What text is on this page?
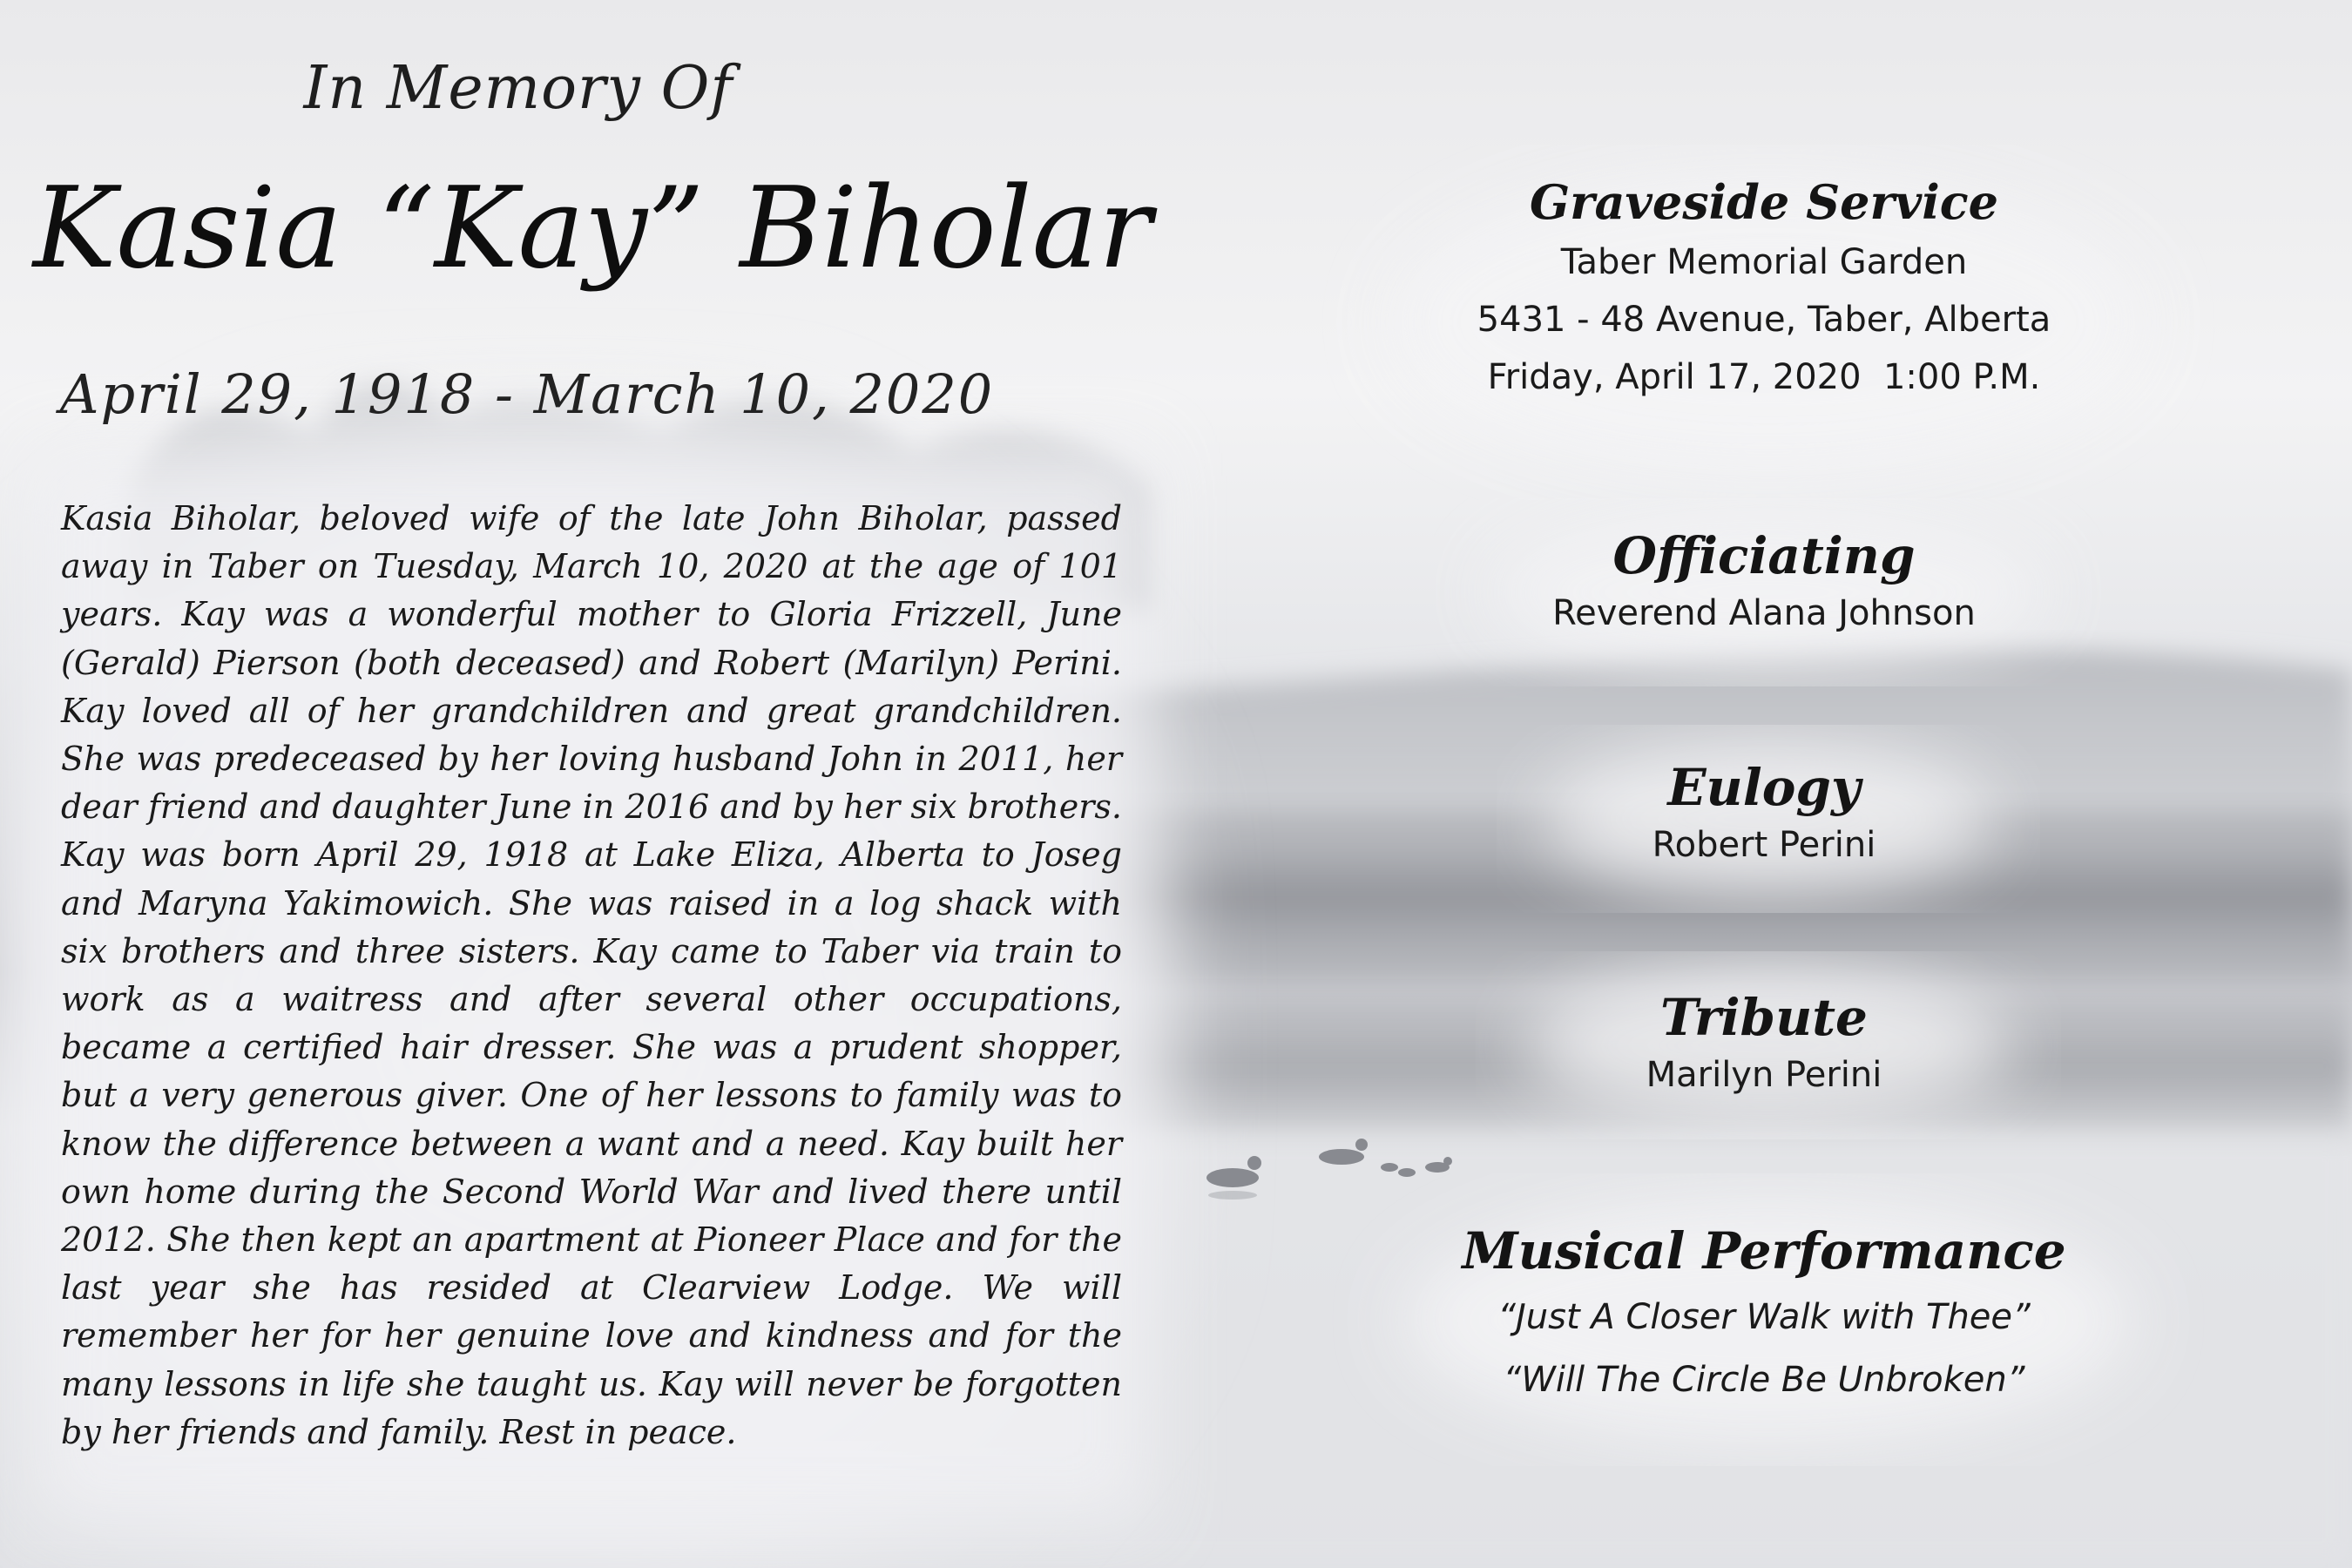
In Memory Of
Kasia “Kay” Biholar
April 29, 1918 - March 10, 2020

Kasia Biholar, beloved wife of the late John Biholar, passed away in Taber on Tuesday, March 10, 2020 at the age of 101 years. Kay was a wonderful mother to Gloria Frizzell, June (Gerald) Pierson (both deceased) and Robert (Marilyn) Perini. Kay loved all of her grandchildren and great grandchildren. She was predeceased by her loving husband John in 2011, her dear friend and daughter June in 2016 and by her six brothers. Kay was born April 29, 1918 at Lake Eliza, Alberta to Joseg and Maryna Yakimowich. She was raised in a log shack with six brothers and three sisters. Kay came to Taber via train to work as a waitress and after several other occupations, became a certified hair dresser. She was a prudent shopper, but a very generous giver. One of her lessons to family was to know the difference between a want and a need. Kay built her own home during the Second World War and lived there until 2012. She then kept an apartment at Pioneer Place and for the last year she has resided at Clearview Lodge. We will remember her for her genuine love and kindness and for the many lessons in life she taught us. Kay will never be forgotten by her friends and family. Rest in peace.

Graveside Service
Taber Memorial Garden
5431 - 48 Avenue, Taber, Alberta
Friday, April 17, 2020  1:00 P.M.
Officiating
Reverend Alana Johnson
Eulogy
Robert Perini
Tribute
Marilyn Perini
Musical Performance
“Just A Closer Walk with Thee”
“Will The Circle Be Unbroken”
